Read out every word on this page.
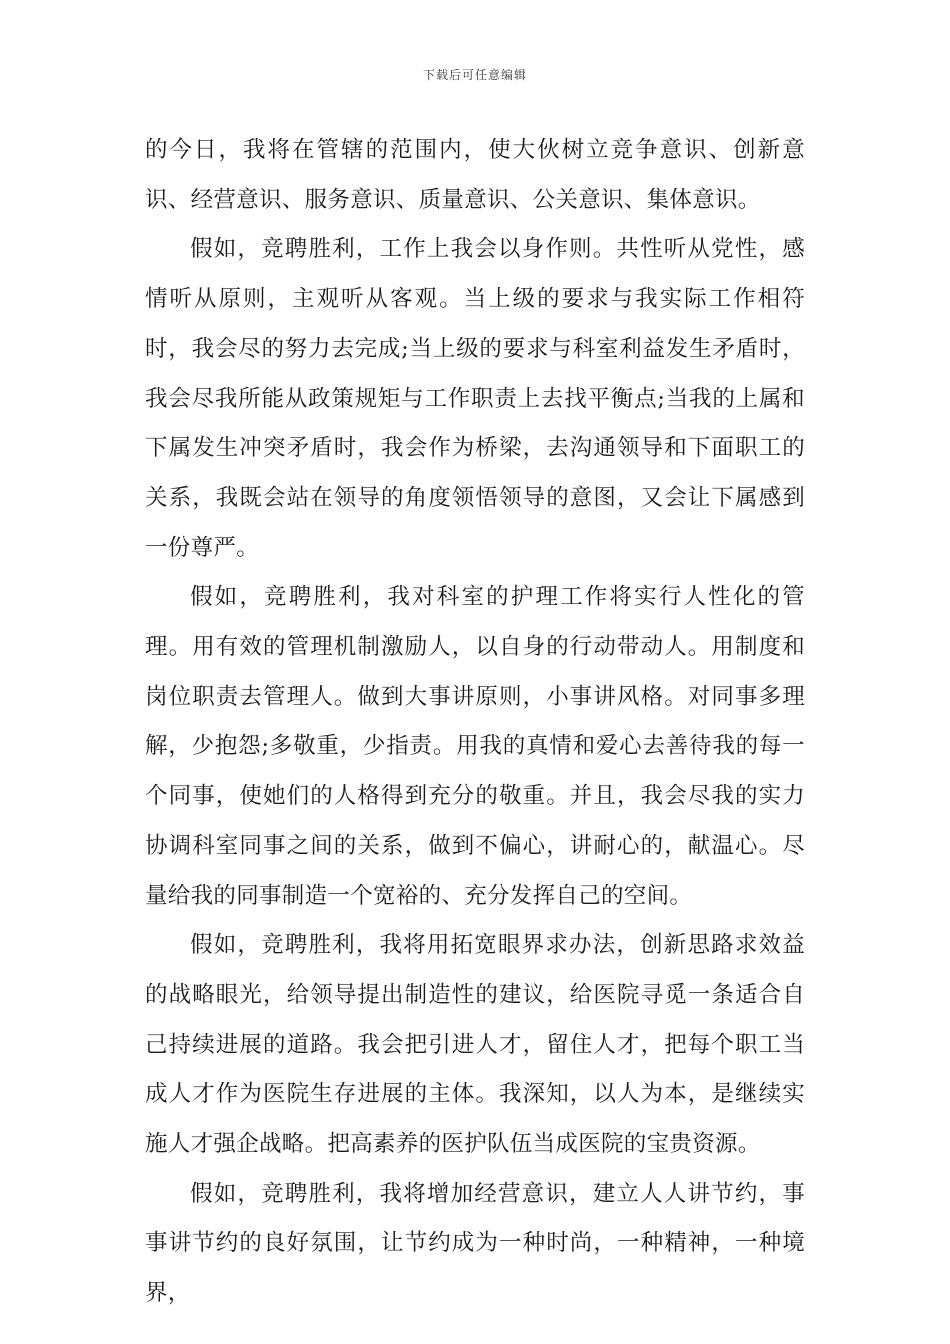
下载后可任意编辑

的今日，我将在管辖的范围内，使大伙树立竞争意识、创新意识、经营意识、服务意识、质量意识、公关意识、集体意识。

假如，竞聘胜利，工作上我会以身作则。共性听从党性，感情听从原则，主观听从客观。当上级的要求与我实际工作相符时，我会尽的努力去完成;当上级的要求与科室利益发生矛盾时，我会尽我所能从政策规矩与工作职责上去找平衡点;当我的上属和下属发生冲突矛盾时，我会作为桥梁，去沟通领导和下面职工的关系，我既会站在领导的角度领悟领导的意图，又会让下属感到一份尊严。

假如，竞聘胜利，我对科室的护理工作将实行人性化的管理。用有效的管理机制激励人，以自身的行动带动人。用制度和岗位职责去管理人。做到大事讲原则，小事讲风格。对同事多理解，少抱怨;多敬重，少指责。用我的真情和爱心去善待我的每一个同事，使她们的人格得到充分的敬重。并且，我会尽我的实力协调科室同事之间的关系，做到不偏心，讲耐心的，献温心。尽量给我的同事制造一个宽裕的、充分发挥自己的空间。

假如，竞聘胜利，我将用拓宽眼界求办法，创新思路求效益的战略眼光，给领导提出制造性的建议，给医院寻觅一条适合自己持续进展的道路。我会把引进人才，留住人才，把每个职工当成人才作为医院生存进展的主体。我深知，以人为本，是继续实施人才强企战略。把高素养的医护队伍当成医院的宝贵资源。

假如，竞聘胜利，我将增加经营意识，建立人人讲节约，事事讲节约的良好氛围，让节约成为一种时尚，一种精神，一种境界，
